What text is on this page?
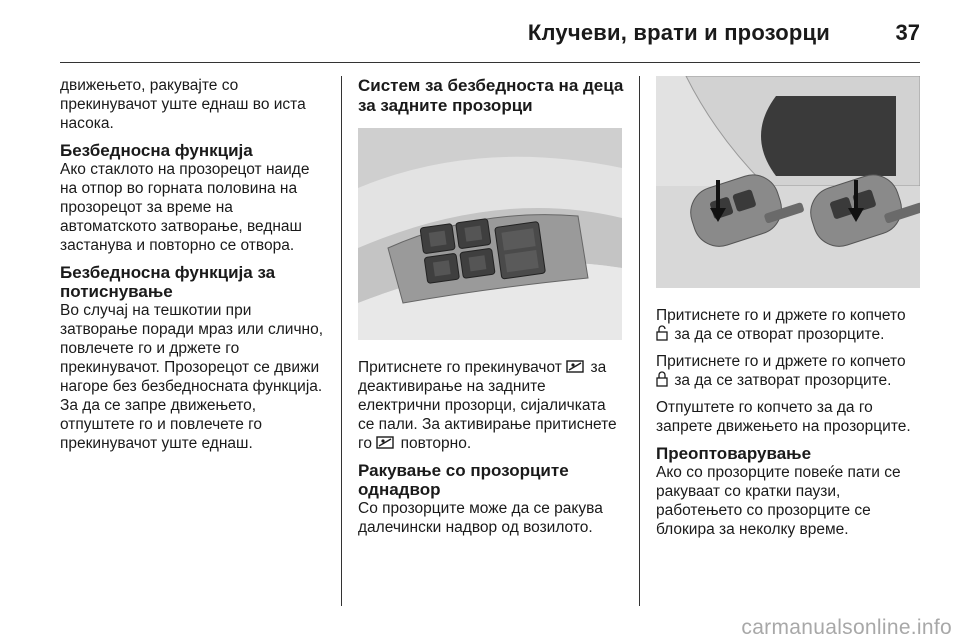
Клучеви, врати и прозорци	37

движењето, ракувајте со прекинувачот уште еднаш во иста насока.

Безбедносна функција

Ако стаклото на прозорецот наиде на отпор во горната половина на прозорецот за време на автоматското затворање, веднаш застанува и повторно се отвора.

Безбедносна функција за потиснување

Во случај на тешкотии при затворање поради мраз или слично, повлечете го и држете го прекинувачот. Прозорецот се движи нагоре без безбедносната функција. За да се запре движењето, отпуштете го и повлечете го прекинувачот уште еднаш.

Систем за безбедноста на деца за задните прозорци

Притиснете го прекинувачот за деактивирање на задните електрични прозорци, сијаличката се пали. За активирање притиснете го повторно.

Ракување со прозорците однадвор

Со прозорците може да се ракува далечински надвор од возилото.

Притиснете го и држете го копчето  за да се отворат прозорците.

Притиснете го и држете го копчето  за да се затворат прозорците.

Отпуштете го копчето за да го запрете движењето на прозорците.

Преоптоварување

Ако со прозорците повеќе пати се ракуваат со кратки паузи, работењето со прозорците се блокира за неколку време.

carmanualsonline.info
